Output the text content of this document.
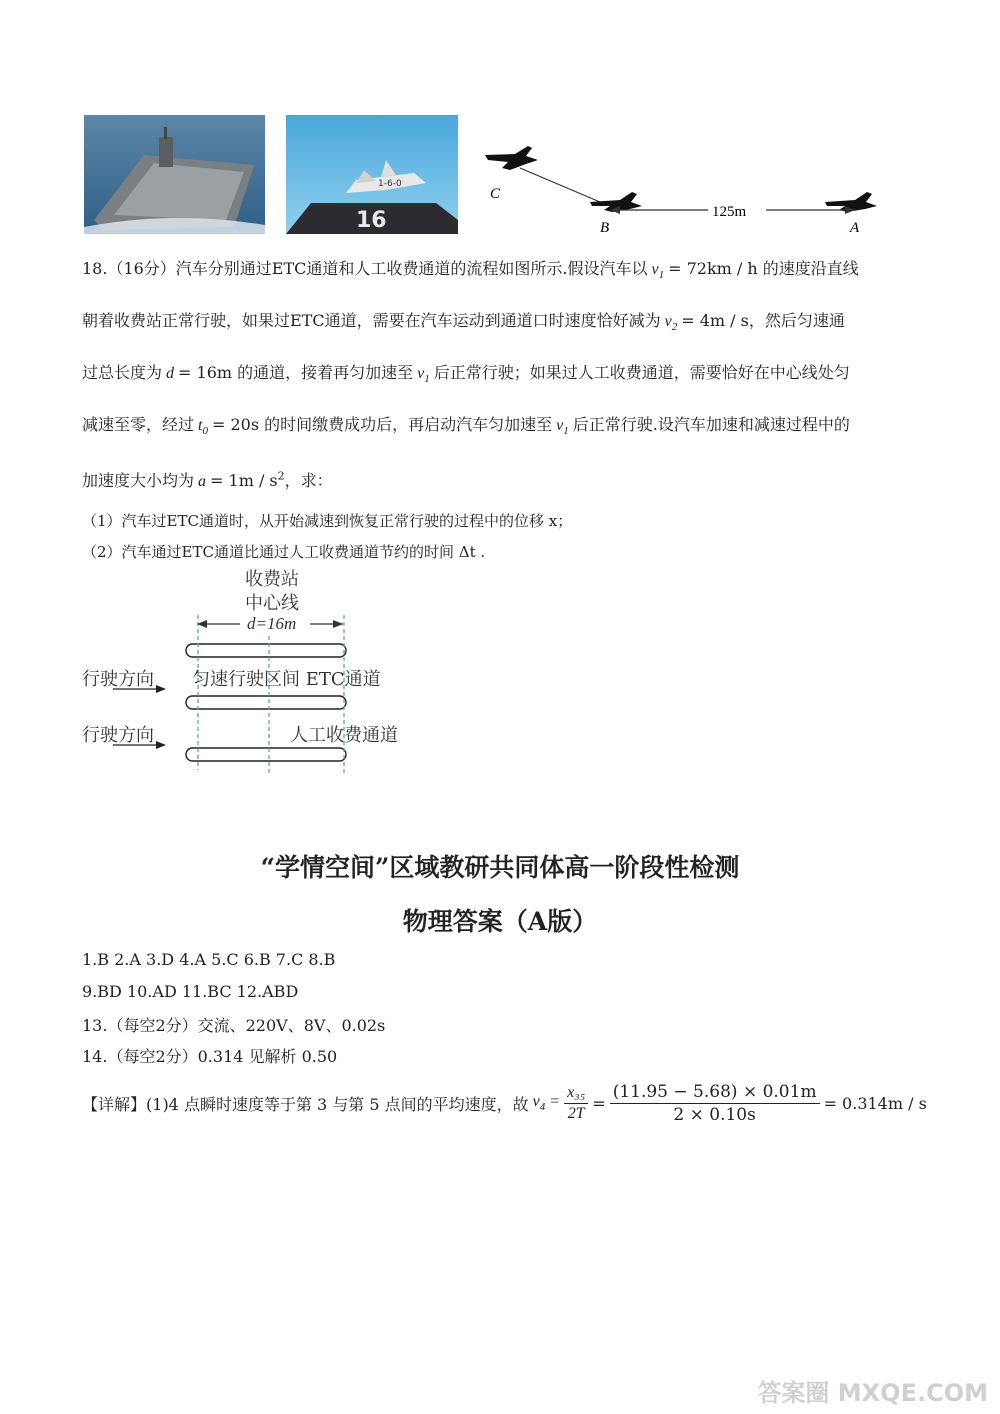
1-6-0
16
C
B	A
125m
18.（16分）汽车分别通过ETC通道和人工收费通道的流程如图所示.假设汽车以 $v_1 = 72km / h$ 的速度沿直线
朝着收费站正常行驶，如果过ETC通道，需要在汽车运动到通道口时速度恰好减为 $v_2 = 4m / s$，然后匀速通
过总长度为 d = 16m 的通道，接着再匀加速至 $v_1$ 后正常行驶；如果过人工收费通道，需要恰好在中心线处匀
减速至零，经过 $t_0 = 20s$ 的时间缴费成功后，再启动汽车匀加速至 $v_1$ 后正常行驶.设汽车加速和减速过程中的
加速度大小均为 $a = 1m / s^2$，求：
（1）汽车过ETC通道时，从开始减速到恢复正常行驶的过程中的位移 x；
（2）汽车通过ETC通道比通过人工收费通道节约的时间 Δt .
收费站
中心线
d=16m
行驶方向 匀速行驶区间 ETC通道
行驶方向	人工收费通道
“学情空间”区域教研共同体高一阶段性检测
物理答案（A版）
1.B 2.A 3.D 4.A 5.C 6.B 7.C 8.B
9.BD 10.AD 11.BC 12.ABD
13.（每空2分）交流、220V、8V、0.02s
14.（每空2分）0.314 见解析 0.50
【详解】 (1)4 点瞬时速度等于第 3 与第 5 点间的平均速度，故 $v_4 = \frac{\text{x₃₅}}{2T} = \frac{(11.95 - 5.68) \times 0.01m}{2 \times 0.10s} = 0.314m / s$
答案圈 MXQE.COM
